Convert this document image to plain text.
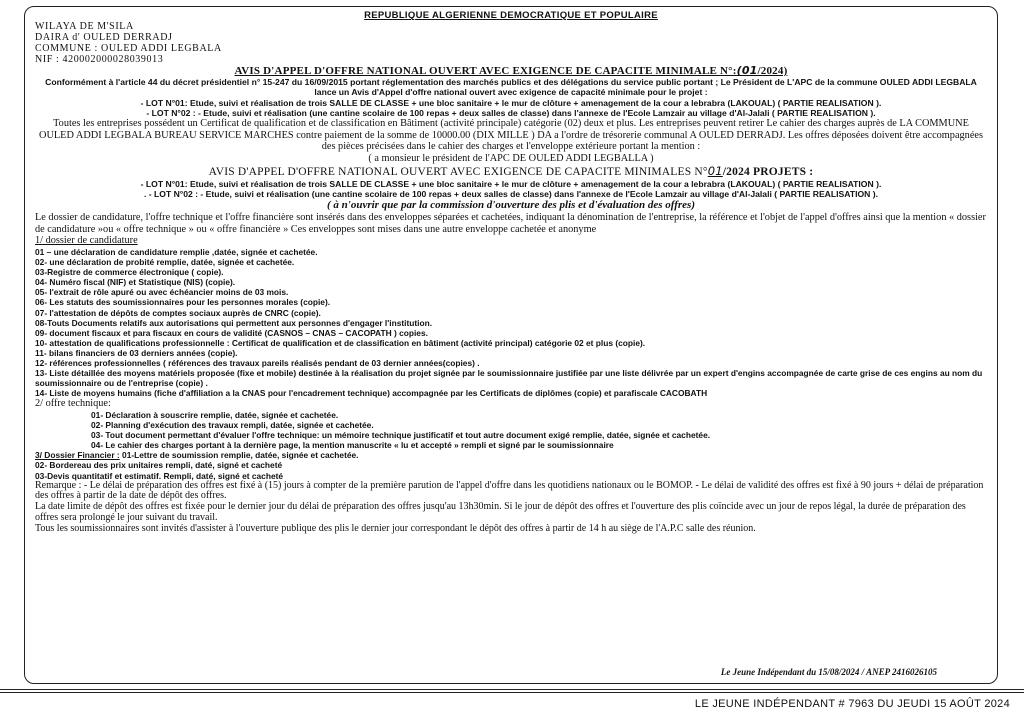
REPUBLIQUE ALGERIENNE DEMOCRATIQUE ET POPULAIRE
WILAYA DE M'SILA
DAIRA d' OULED DERRADJ
COMMUNE : OULED ADDI LEGBALA
NIF : 420002000028039013
AVIS D'APPEL D'OFFRE NATIONAL OUVERT AVEC EXIGENCE DE CAPACITE MINIMALE N°:(01/2024)
Conformément à l'article 44 du décret présidentiel n° 15-247 du 16/09/2015 portant réglementation des marchés publics et des délégations du service public portant ; Le Président de L'APC de la commune OULED ADDI LEGBALA lance un Avis d'Appel d'offre national ouvert avec exigence de capacité minimale pour le projet :
- LOT N°01: Etude, suivi et réalisation de trois SALLE DE CLASSE + une bloc sanitaire + le mur de clôture + amenagement de la cour a lebrabra (LAKOUAL) ( PARTIE REALISATION ).
- LOT N°02 : - Etude, suivi et réalisation (une cantine scolaire de 100 repas + deux salles de classe) dans l'annexe de l'Ecole Lamzair au village d'Al-Jalali ( PARTIE REALISATION ).
Toutes les entreprises possédent un Certificat de qualification et de classification en Bâtiment (activité principale) catégorie (02) deux et plus. Les entreprises peuvent retirer Le cahier des charges auprès de LA COMMUNE OULED ADDI LEGBALA BUREAU SERVICE MARCHES contre paiement de la somme de 10000.00 (DIX MILLE ) DA a l'ordre de trésorerie communal A OULED DERRADJ. Les offres déposées doivent être accompagnées des pièces précisées dans le cahier des charges et l'enveloppe extérieure portant la mention :
( a monsieur le président de l'APC DE OULED ADDI LEGBALLA )
AVIS D'APPEL D'OFFRE NATIONAL OUVERT AVEC EXIGENCE DE CAPACITE MINIMALES N°01/2024 PROJETS :
- LOT N°01: Etude, suivi et réalisation de trois SALLE DE CLASSE + une bloc sanitaire + le mur de clôture + amenagement de la cour a lebrabra (LAKOUAL) ( PARTIE REALISATION ).
. - LOT N°02 : - Etude, suivi et réalisation (une cantine scolaire de 100 repas + deux salles de classe) dans l'annexe de l'Ecole Lamzair au village d'Al-Jalali ( PARTIE REALISATION ).
( à n'ouvrir que par la commission d'ouverture des plis et d'évaluation des offres)
Le dossier de candidature, l'offre technique et l'offre financière sont insérés dans des enveloppes séparées et cachetées, indiquant la dénomination de l'entreprise, la référence et l'objet de l'appel d'offres ainsi que la mention « dossier de candidature »ou « offre technique » ou « offre financière » Ces enveloppes sont mises dans une autre enveloppe cachetée et anonyme
1/ dossier de candidature
01 – une déclaration de candidature remplie ,datée, signée et cachetée.
02- une déclaration de probité remplie, datée, signée et cachetée.
03-Registre de commerce électronique ( copie).
04- Numéro fiscal (NIF) et Statistique (NIS) (copie).
05- l'extrait de rôle apuré ou avec échéancier moins de 03 mois.
06- Les statuts des soumissionnaires pour les personnes morales (copie).
07- l'attestation de dépôts de comptes sociaux auprès de CNRC (copie).
08-Touts Documents relatifs aux autorisations qui permettent aux personnes d'engager l'institution.
09- document fiscaux et para fiscaux en cours de validité (CASNOS – CNAS – CACOPATH ) copies.
10- attestation de qualifications professionnelle : Certificat de qualification et de classification en bâtiment (activité principal) catégorie 02 et plus (copie).
11- bilans financiers de 03 derniers années (copie).
12- références professionnelles ( références des travaux pareils réalisés pendant de 03 dernier années(copies) .
13- Liste détaillée des moyens matériels proposée (fixe et mobile) destinée à la réalisation du projet signée par le soumissionnaire justifiée par une liste délivrée par un expert d'engins accompagnée de carte grise de ces engins au nom du soumissionnaire ou de l'entreprise (copie) .
14- Liste de moyens humains (fiche d'affiliation a la CNAS pour l'encadrement technique) accompagnée par les Certificats de diplômes (copie) et parafiscale CACOBATH
2/ offre technique:
01- Déclaration à souscrire remplie, datée, signée et cachetée.
02- Planning d'exécution des travaux rempli, datée, signée et cachetée.
03- Tout document permettant d'évaluer l'offre technique: un mémoire technique justificatif et tout autre document exigé remplie, datée, signée et cachetée.
04- Le cahier des charges portant à la dernière page, la mention manuscrite « lu et accepté » rempli et signé par le soumissionnaire
3/ Dossier Financier : 01-Lettre de soumission remplie, datée, signée et cachetée.
02- Bordereau des prix unitaires rempli, daté, signé et cacheté
03-Devis quantitatif et estimatif. Rempli, daté, signé et cacheté
Remarque : - Le délai de préparation des offres est fixé à (15) jours à compter de la première parution de l'appel d'offre dans les quotidiens nationaux ou le BOMOP. - Le délai de validité des offres est fixé à 90 jours + délai de préparation des offres à partir de la date de dépôt des offres.
La date limite de dépôt des offres est fixée pour le dernier jour du délai de préparation des offres jusqu'au 13h30min. Si le jour de dépôt des offres et l'ouverture des plis coïncide avec un jour de repos légal, la durée de préparation des offres sera prolongé le jour suivant du travail.
Tous les soumissionnaires sont invités d'assister à l'ouverture publique des plis le dernier jour correspondant le dépôt des offres à partir de 14 h au siège de l'A.P.C salle des réunion.
Le Jeune Indépendant du 15/08/2024 / ANEP 2416026105
LE JEUNE INDÉPENDANT # 7963 DU JEUDI 15 AOÛT 2024
